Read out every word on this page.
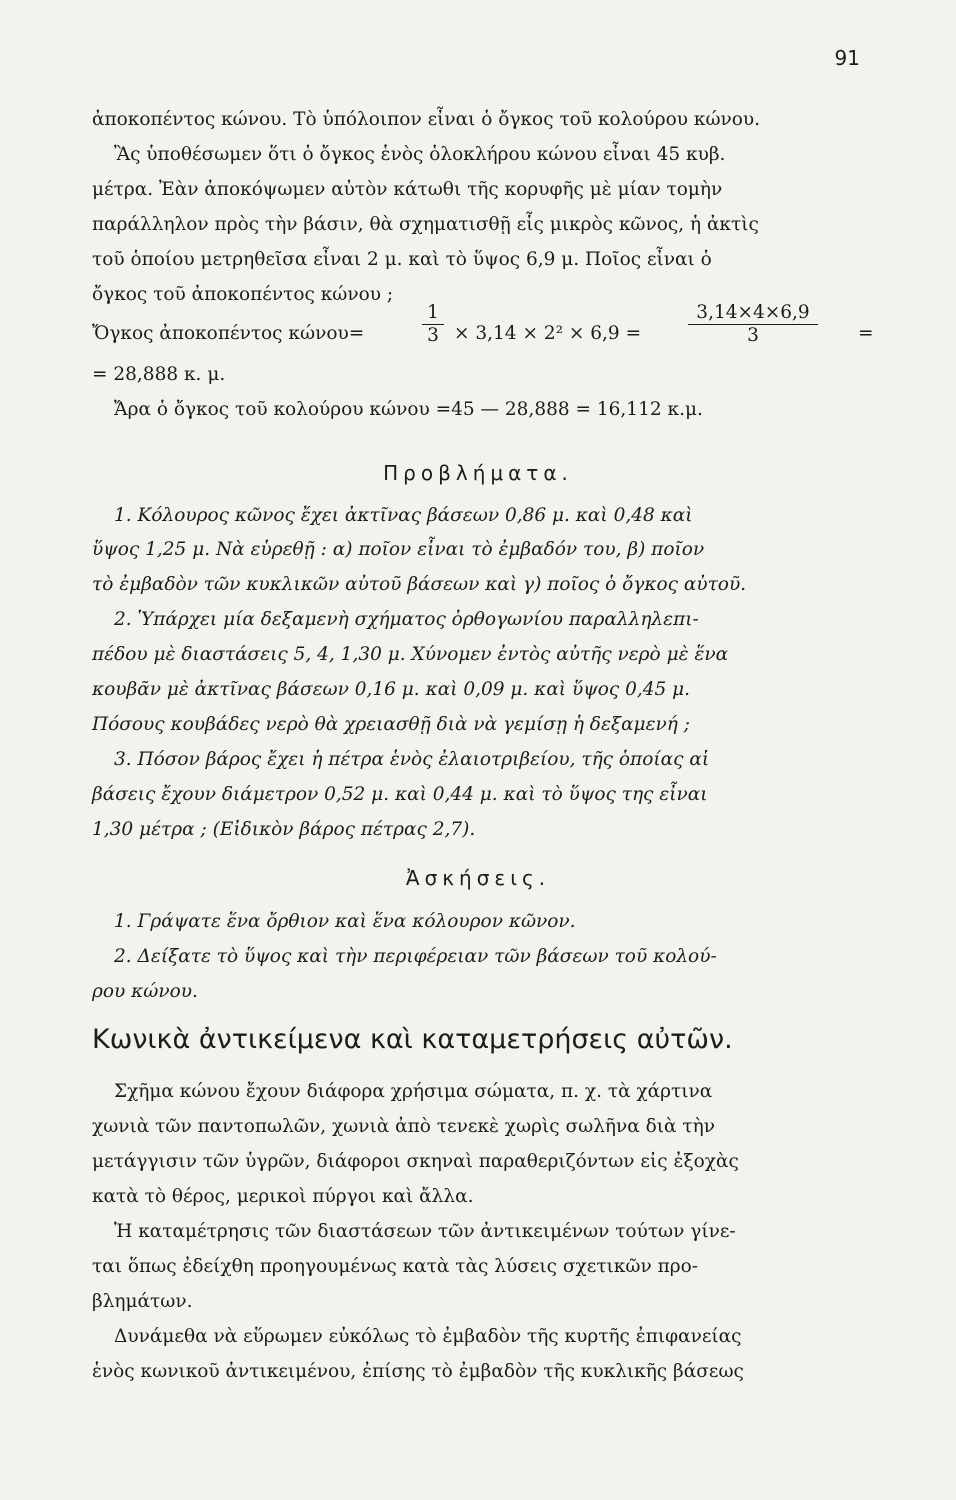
91
ἀποκοπέντος κώνου. Τὸ ὑπόλοιπον εἶναι ὁ ὄγκος τοῦ κολούρου κώνου.
Ἂς ὑποθέσωμεν ὅτι ὁ ὄγκος ἑνὸς ὁλοκλήρου κώνου εἶναι 45 κυβ.
μέτρα. Ἐὰν ἀποκόψωμεν αὐτὸν κάτωθι τῆς κορυφῆς μὲ μίαν τομὴν
παράλληλον πρὸς τὴν βάσιν, θὰ σχηματισθῇ εἷς μικρὸς κῶνος, ἡ ἀκτὶς
τοῦ ὁποίου μετρηθεῖσα εἶναι 2 μ. καὶ τὸ ὕψος 6,9 μ. Ποῖος εἶναι ὁ
ὄγκος τοῦ ἀποκοπέντος κώνου ;
Ὄγκος ἀποκοπέντος κώνου=	$\frac{1}{3} \times 3,14 \times 2^2 \times 6,9$ =	$\frac{3,14\times 4\times 6,9}{3}$ =
= 28,888 κ. μ.
Ἄρα ὁ ὄγκος τοῦ κολούρου κώνου =45 — 28,888 = 16,112 κ.μ.
Προβλήματα.
1. Κόλουρος κῶνος ἔχει ἀκτῖνας βάσεων 0,86 μ. καὶ 0,48 καὶ
ὕψος 1,25 μ. Νὰ εὑρεθῇ : α) ποῖον εἶναι τὸ ἐμβαδόν του, β) ποῖον
τὸ ἐμβαδὸν τῶν κυκλικῶν αὐτοῦ βάσεων καὶ γ) ποῖος ὁ ὄγκος αὐτοῦ.
2. Ὑπάρχει μία δεξαμενὴ σχήματος ὀρθογωνίου παραλληλεπι-
πέδου μὲ διαστάσεις 5, 4, 1,30 μ. Χύνομεν ἐντὸς αὐτῆς νερὸ μὲ ἕνα
κουβᾶν μὲ ἀκτῖνας βάσεων 0,16 μ. καὶ 0,09 μ. καὶ ὕψος 0,45 μ.
Πόσους κουβάδες νερὸ θὰ χρειασθῇ διὰ νὰ γεμίσῃ ἡ δεξαμενή ;
3. Πόσον βάρος ἔχει ἡ πέτρα ἑνὸς ἐλαιοτριβείου, τῆς ὁποίας αἱ
βάσεις ἔχουν διάμετρον 0,52 μ. καὶ 0,44 μ. καὶ τὸ ὕψος της εἶναι
1,30 μέτρα ; (Εἰδικὸν βάρος πέτρας 2,7).
Ἀσκήσεις.
1. Γράψατε ἕνα ὄρθιον καὶ ἕνα κόλουρον κῶνον.
2. Δείξατε τὸ ὕψος καὶ τὴν περιφέρειαν τῶν βάσεων τοῦ κολού-
ρου κώνου.
Κωνικὰ ἀντικείμενα καὶ καταμετρήσεις αὐτῶν.
Σχῆμα κώνου ἔχουν διάφορα χρήσιμα σώματα, π. χ. τὰ χάρτινα
χωνιὰ τῶν παντοπωλῶν, χωνιὰ ἀπὸ τενεκὲ χωρὶς σωλῆνα διὰ τὴν
μετάγγισιν τῶν ὑγρῶν, διάφοροι σκηναὶ παραθεριζόντων εἰς ἐξοχὰς
κατὰ τὸ θέρος, μερικοὶ πύργοι καὶ ἄλλα.
Ἡ καταμέτρησις τῶν διαστάσεων τῶν ἀντικειμένων τούτων γίνε-
ται ὅπως ἐδείχθη προηγουμένως κατὰ τὰς λύσεις σχετικῶν προ-
βλημάτων.
Δυνάμεθα νὰ εὕρωμεν εὐκόλως τὸ ἐμβαδὸν τῆς κυρτῆς ἐπιφανείας
ἑνὸς κωνικοῦ ἀντικειμένου, ἐπίσης τὸ ἐμβαδὸν τῆς κυκλικῆς βάσεως
